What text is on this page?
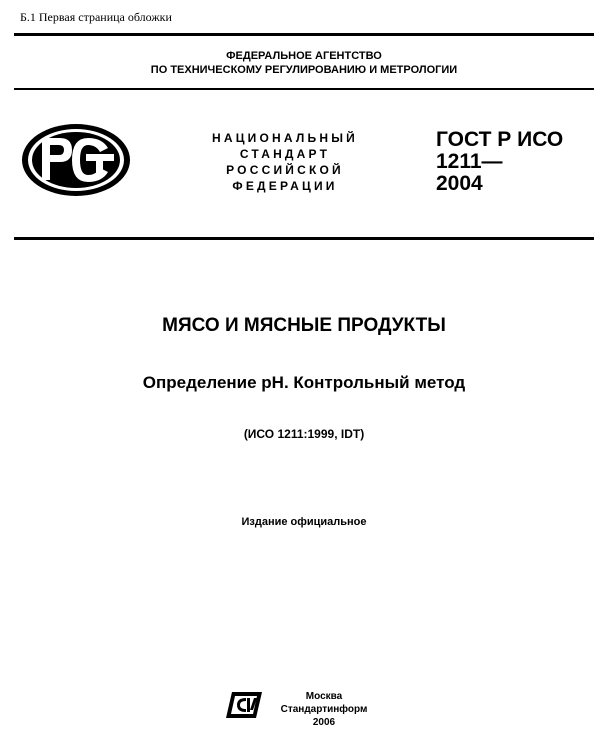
Б.1 Первая страница обложки
ФЕДЕРАЛЬНОЕ АГЕНТСТВО
ПО ТЕХНИЧЕСКОМУ РЕГУЛИРОВАНИЮ И МЕТРОЛОГИИ
НАЦИОНАЛЬНЫЙ
СТАНДАРТ
РОССИЙСКОЙ
ФЕДЕРАЦИИ
ГОСТ Р ИСО
1211—
2004
МЯСО И МЯСНЫЕ ПРОДУКТЫ
Определение pH. Контрольный метод
(ИСО 1211:1999, IDT)
Издание официальное
Москва
Стандартинформ
2006
